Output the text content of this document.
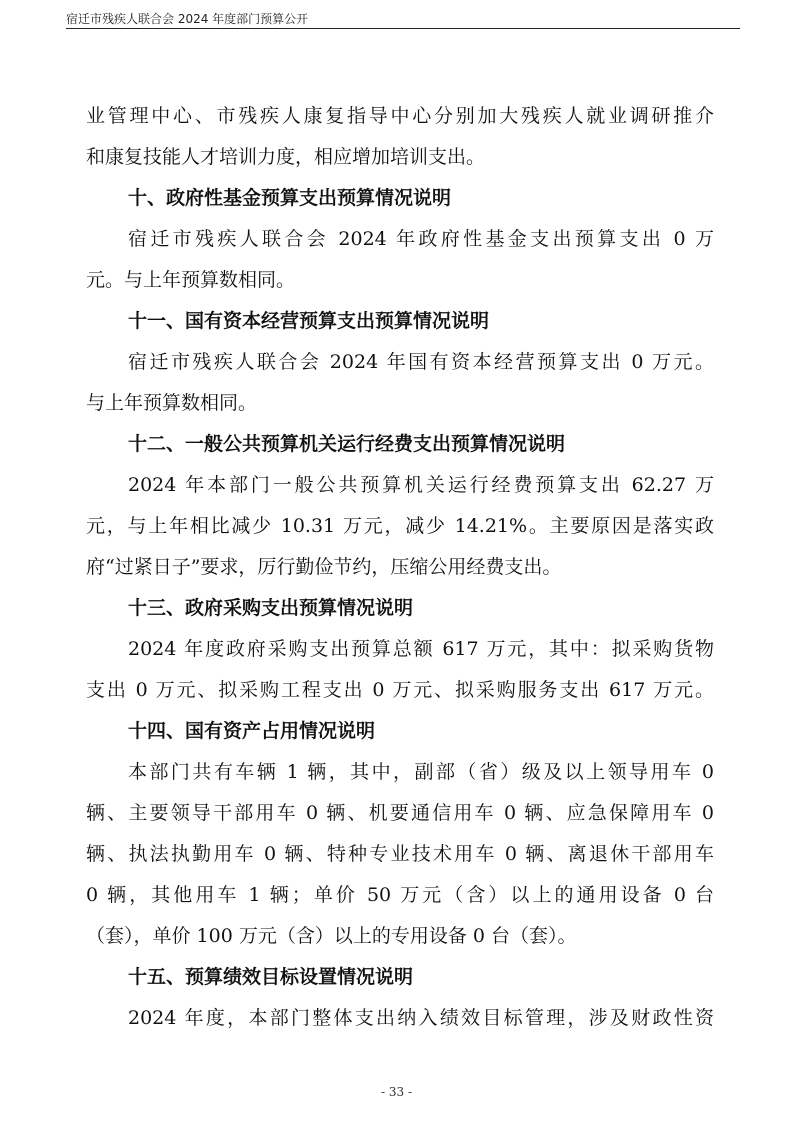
宿迁市残疾人联合会 2024 年度部门预算公开
业管理中心、市残疾人康复指导中心分别加大残疾人就业调研推介
和康复技能人才培训力度，相应增加培训支出。
十、政府性基金预算支出预算情况说明
宿迁市残疾人联合会 2024 年政府性基金支出预算支出 0 万
元。与上年预算数相同。
十一、国有资本经营预算支出预算情况说明
宿迁市残疾人联合会 2024 年国有资本经营预算支出 0 万元。
与上年预算数相同。
十二、一般公共预算机关运行经费支出预算情况说明
2024 年本部门一般公共预算机关运行经费预算支出 62.27 万
元，与上年相比减少 10.31 万元，减少 14.21%。主要原因是落实政
府“过紧日子”要求，厉行勤俭节约，压缩公用经费支出。
十三、政府采购支出预算情况说明
2024 年度政府采购支出预算总额 617 万元，其中：拟采购货物
支出 0 万元、拟采购工程支出 0 万元、拟采购服务支出 617 万元。
十四、国有资产占用情况说明
本部门共有车辆 1 辆，其中，副部（省）级及以上领导用车 0
辆、主要领导干部用车 0 辆、机要通信用车 0 辆、应急保障用车 0
辆、执法执勤用车 0 辆、特种专业技术用车 0 辆、离退休干部用车
0 辆，其他用车 1 辆；单价 50 万元（含）以上的通用设备 0 台
（套），单价 100 万元（含）以上的专用设备 0 台（套）。
十五、预算绩效目标设置情况说明
2024 年度，本部门整体支出纳入绩效目标管理，涉及财政性资
- 33 -
